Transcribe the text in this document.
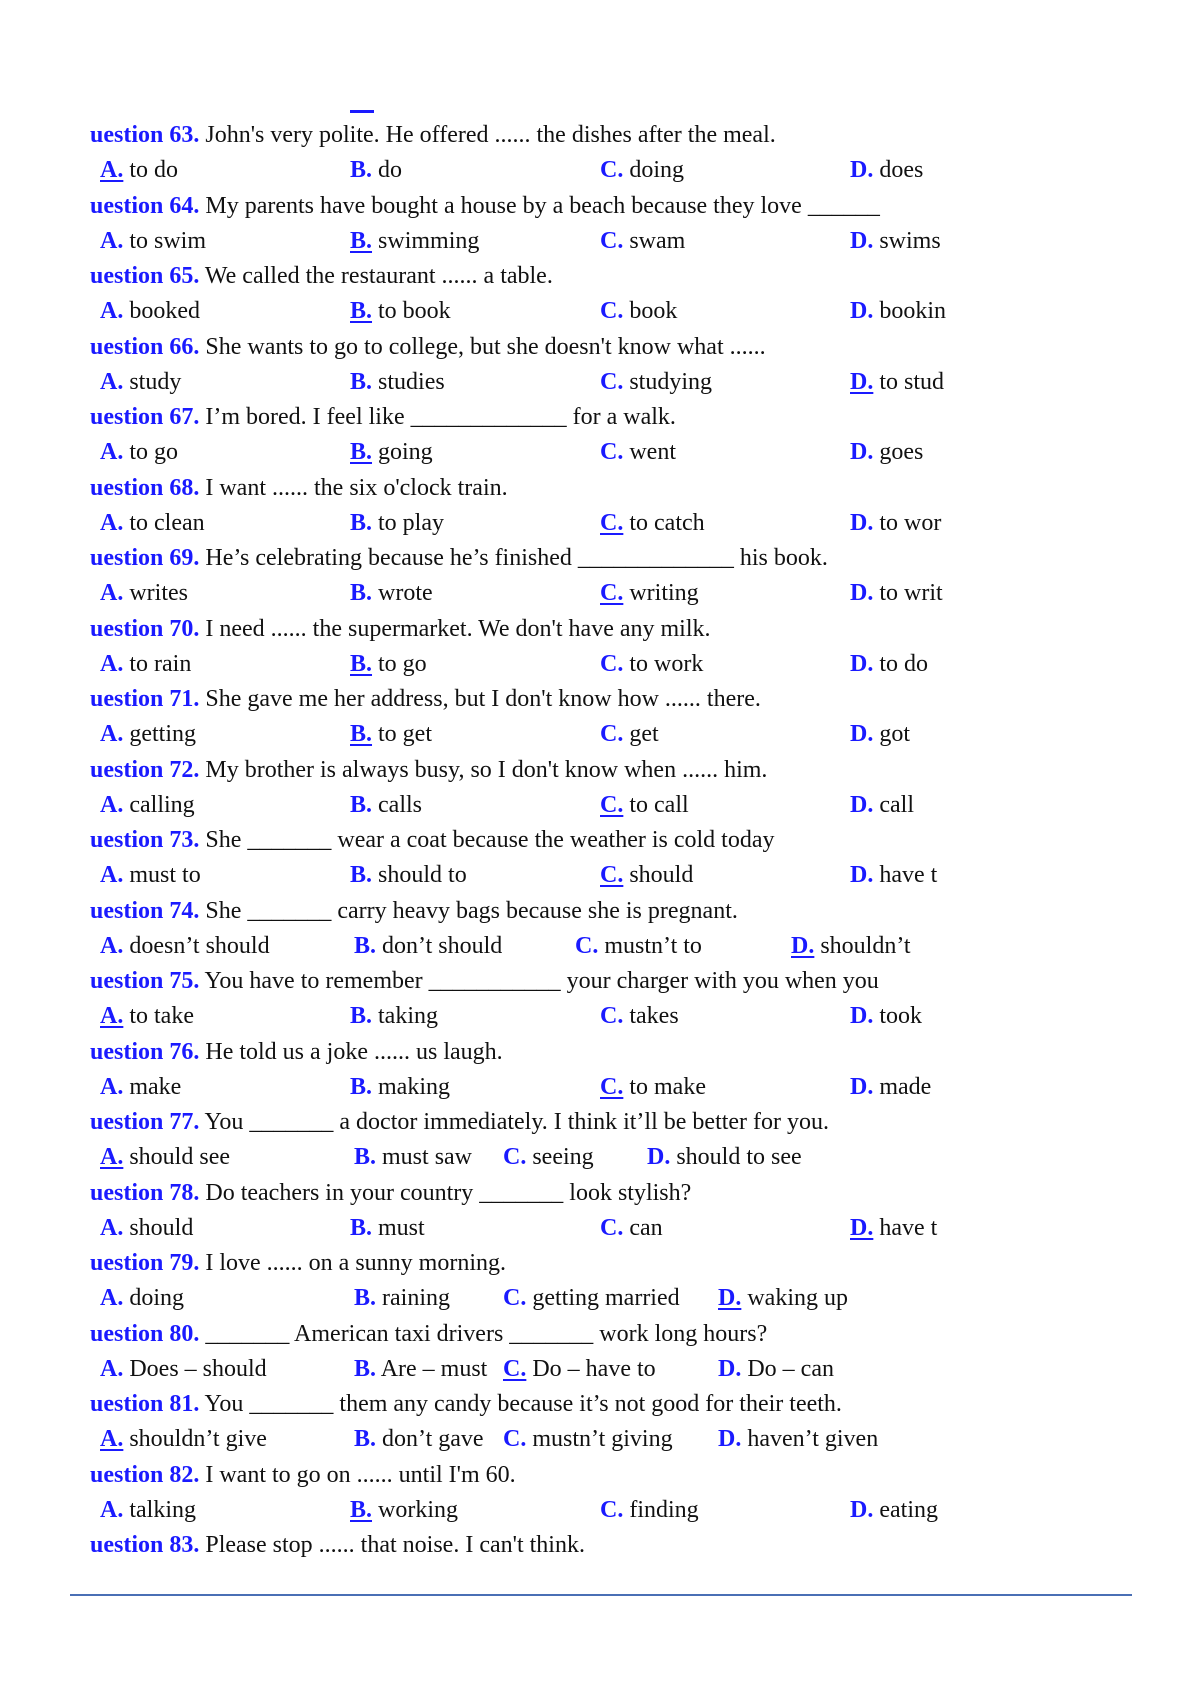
uestion 63. John's very polite. He offered ...... the dishes after the meal.
A. to do	B. do	C. doing	D. does
uestion 64. My parents have bought a house by a beach because they love ______
A. to swim	B. swimming	C. swam	D. swims
uestion 65. We called the restaurant ...... a table.
A. booked	B. to book	C. book	D. bookin
uestion 66. She wants to go to college, but she doesn't know what ......
A. study	B. studies	C. studying	D. to stud
uestion 67. I’m bored. I feel like _____________ for a walk.
A. to go	B. going	C. went	D. goes
uestion 68. I want ...... the six o'clock train.
A. to clean	B. to play	C. to catch	D. to wor
uestion 69. He’s celebrating because he’s finished _____________ his book.
A. writes	B. wrote	C. writing	D. to writ
uestion 70. I need ...... the supermarket. We don't have any milk.
A. to rain	B. to go	C. to work	D. to do
uestion 71. She gave me her address, but I don't know how ...... there.
A. getting	B. to get	C. get	D. got
uestion 72. My brother is always busy, so I don't know when ...... him.
A. calling	B. calls	C. to call	D. call
uestion 73. She _______ wear a coat because the weather is cold today
A. must to	B. should to	C. should	D. have t
uestion 74. She _______ carry heavy bags because she is pregnant.
A. doesn’t should	B. don’t should	C. mustn’t to	D. shouldn’t
uestion 75. You have to remember ___________ your charger with you when you
A. to take	B. taking	C. takes	D. took
uestion 76. He told us a joke ...... us laugh.
A. make	B. making	C. to make	D. made
uestion 77. You _______ a doctor immediately. I think it’ll be better for you.
A. should see	B. must saw C. seeing D. should to see
uestion 78. Do teachers in your country _______ look stylish?
A. should	B. must	C. can	D. have t
uestion 79. I love ...... on a sunny morning.
A. doing	B. raining C. getting married D. waking up
uestion 80. _______ American taxi drivers _______ work long hours?
A. Does – should	B. Are – must C. Do – have to	D. Do – can
uestion 81. You _______ them any candy because it’s not good for their teeth.
A. shouldn’t give	B. don’t gave C. mustn’t giving D. haven’t given
uestion 82. I want to go on ...... until I'm 60.
A. talking	B. working	C. finding	D. eating
uestion 83. Please stop ...... that noise. I can't think.
